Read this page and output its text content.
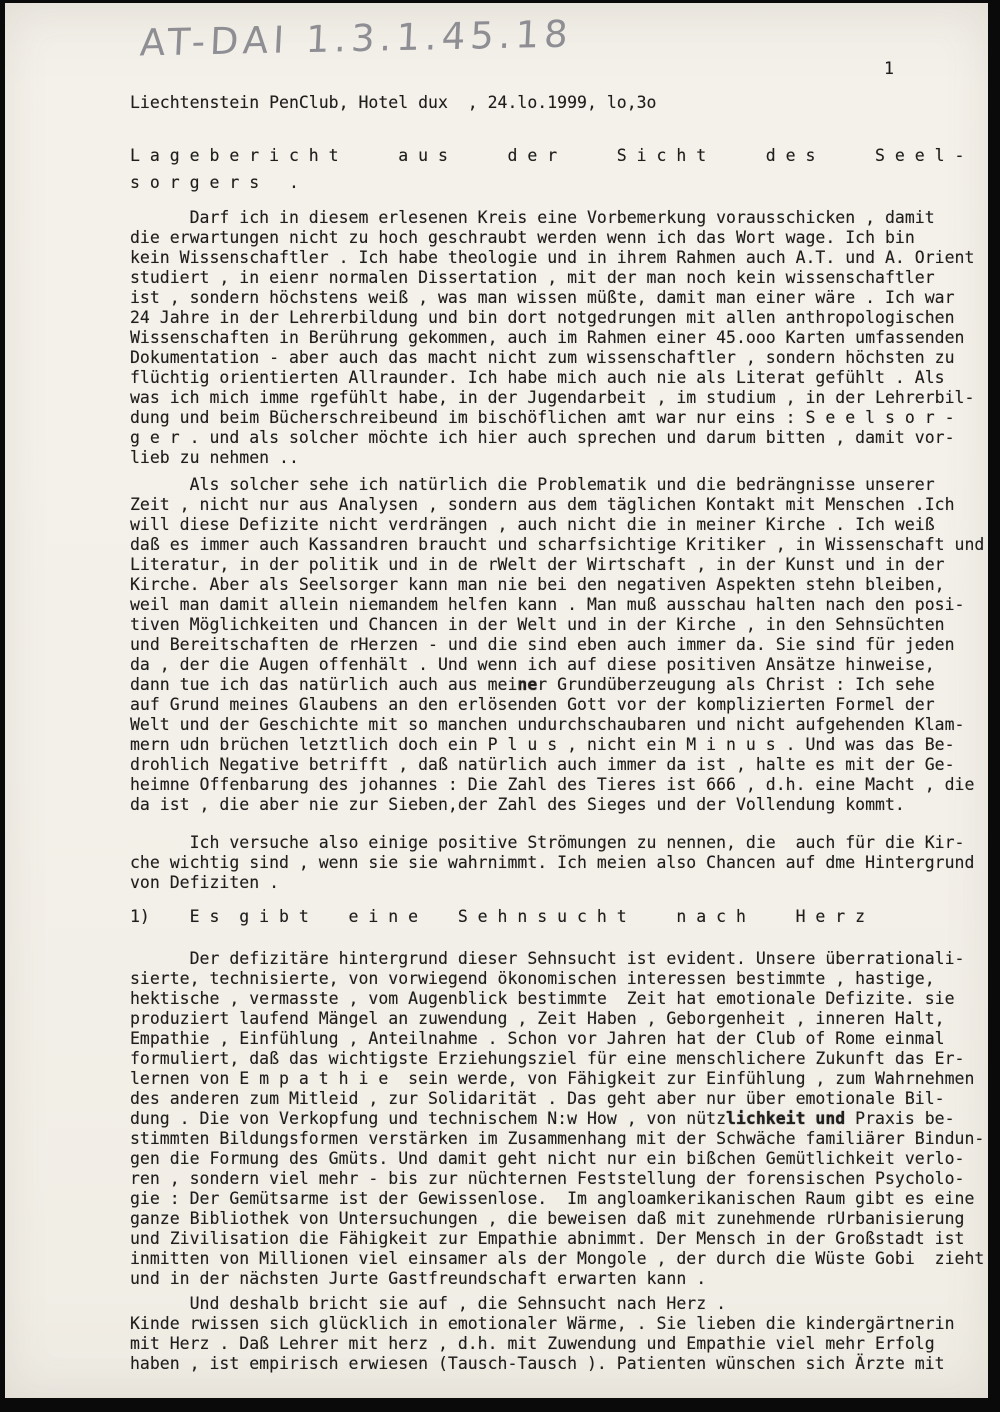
AT-DAI 1.3.1.45.18
1
Liechtenstein PenClub, Hotel dux  , 24.lo.1999, lo,3o
L a g e b e r i c h t      a u s      d e r      S i c h t      d e s      S e e l -
s o r g e r s   .
Darf ich in diesem erlesenen Kreis eine Vorbemerkung vorausschicken , damit
die erwartungen nicht zu hoch geschraubt werden wenn ich das Wort wage. Ich bin
kein Wissenschaftler . Ich habe theologie und in ihrem Rahmen auch A.T. und A. Orient
studiert , in eienr normalen Dissertation , mit der man noch kein wissenschaftler
ist , sondern höchstens weiß , was man wissen müßte, damit man einer wäre . Ich war
24 Jahre in der Lehrerbildung und bin dort notgedrungen mit allen anthropologischen
Wissenschaften in Berührung gekommen, auch im Rahmen einer 45.ooo Karten umfassenden
Dokumentation - aber auch das macht nicht zum wissenschaftler , sondern höchsten zu
flüchtig orientierten Allraunder. Ich habe mich auch nie als Literat gefühlt . Als
was ich mich imme rgefühlt habe, in der Jugendarbeit , im studium , in der Lehrerbil-
dung und beim Bücherschreibeund im bischöflichen amt war nur eins : S e e l s o r -
g e r . und als solcher möchte ich hier auch sprechen und darum bitten , damit vor-
lieb zu nehmen ..
Als solcher sehe ich natürlich die Problematik und die bedrängnisse unserer
Zeit , nicht nur aus Analysen , sondern aus dem täglichen Kontakt mit Menschen .Ich
will diese Defizite nicht verdrängen , auch nicht die in meiner Kirche . Ich weiß
daß es immer auch Kassandren braucht und scharfsichtige Kritiker , in Wissenschaft und
Literatur, in der politik und in de rWelt der Wirtschaft , in der Kunst und in der
Kirche. Aber als Seelsorger kann man nie bei den negativen Aspekten stehn bleiben,
weil man damit allein niemandem helfen kann . Man muß ausschau halten nach den posi-
tiven Möglichkeiten und Chancen in der Welt und in der Kirche , in den Sehnsüchten
und Bereitschaften de rHerzen - und die sind eben auch immer da. Sie sind für jeden
da , der die Augen offenhält . Und wenn ich auf diese positiven Ansätze hinweise,
dann tue ich das natürlich auch aus meiner Grundüberzeugung als Christ : Ich sehe
auf Grund meines Glaubens an den erlösenden Gott vor der komplizierten Formel der
Welt und der Geschichte mit so manchen undurchschaubaren und nicht aufgehenden Klam-
mern udn brüchen letztlich doch ein P l u s , nicht ein M i n u s . Und was das Be-
drohlich Negative betrifft , daß natürlich auch immer da ist , halte es mit der Ge-
heimne Offenbarung des johannes : Die Zahl des Tieres ist 666 , d.h. eine Macht , die
da ist , die aber nie zur Sieben,der Zahl des Sieges und der Vollendung kommt.
Ich versuche also einige positive Strömungen zu nennen, die  auch für die Kir-
che wichtig sind , wenn sie sie wahrnimmt. Ich meien also Chancen auf dme Hintergrund
von Defiziten .
1)    E s  g i b t    e i n e    S e h n s u c h t     n a c h     H e r z
Der defizitäre hintergrund dieser Sehnsucht ist evident. Unsere überrationali-
sierte, technisierte, von vorwiegend ökonomischen interessen bestimmte , hastige,
hektische , vermasste , vom Augenblick bestimmte  Zeit hat emotionale Defizite. sie
produziert laufend Mängel an zuwendung , Zeit Haben , Geborgenheit , inneren Halt,
Empathie , Einfühlung , Anteilnahme . Schon vor Jahren hat der Club of Rome einmal
formuliert, daß das wichtigste Erziehungsziel für eine menschlichere Zukunft das Er-
lernen von E m p a t h i e  sein werde, von Fähigkeit zur Einfühlung , zum Wahrnehmen
des anderen zum Mitleid , zur Solidarität . Das geht aber nur über emotionale Bil-
dung . Die von Verkopfung und technischem N:w How , von nützlichkeit und Praxis be-
stimmten Bildungsformen verstärken im Zusammenhang mit der Schwäche familiärer Bindun-
gen die Formung des Gmüts. Und damit geht nicht nur ein bißchen Gemütlichkeit verlo-
ren , sondern viel mehr - bis zur nüchternen Feststellung der forensischen Psycholo-
gie : Der Gemütsarme ist der Gewissenlose.  Im angloamkerikanischen Raum gibt es eine
ganze Bibliothek von Untersuchungen , die beweisen daß mit zunehmende rUrbanisierung
und Zivilisation die Fähigkeit zur Empathie abnimmt. Der Mensch in der Großstadt ist
inmitten von Millionen viel einsamer als der Mongole , der durch die Wüste Gobi  zieht
und in der nächsten Jurte Gastfreundschaft erwarten kann .
Und deshalb bricht sie auf , die Sehnsucht nach Herz .
Kinde rwissen sich glücklich in emotionaler Wärme, . Sie lieben die kindergärtnerin
mit Herz . Daß Lehrer mit herz , d.h. mit Zuwendung und Empathie viel mehr Erfolg
haben , ist empirisch erwiesen (Tausch-Tausch ). Patienten wünschen sich Ärzte mit
